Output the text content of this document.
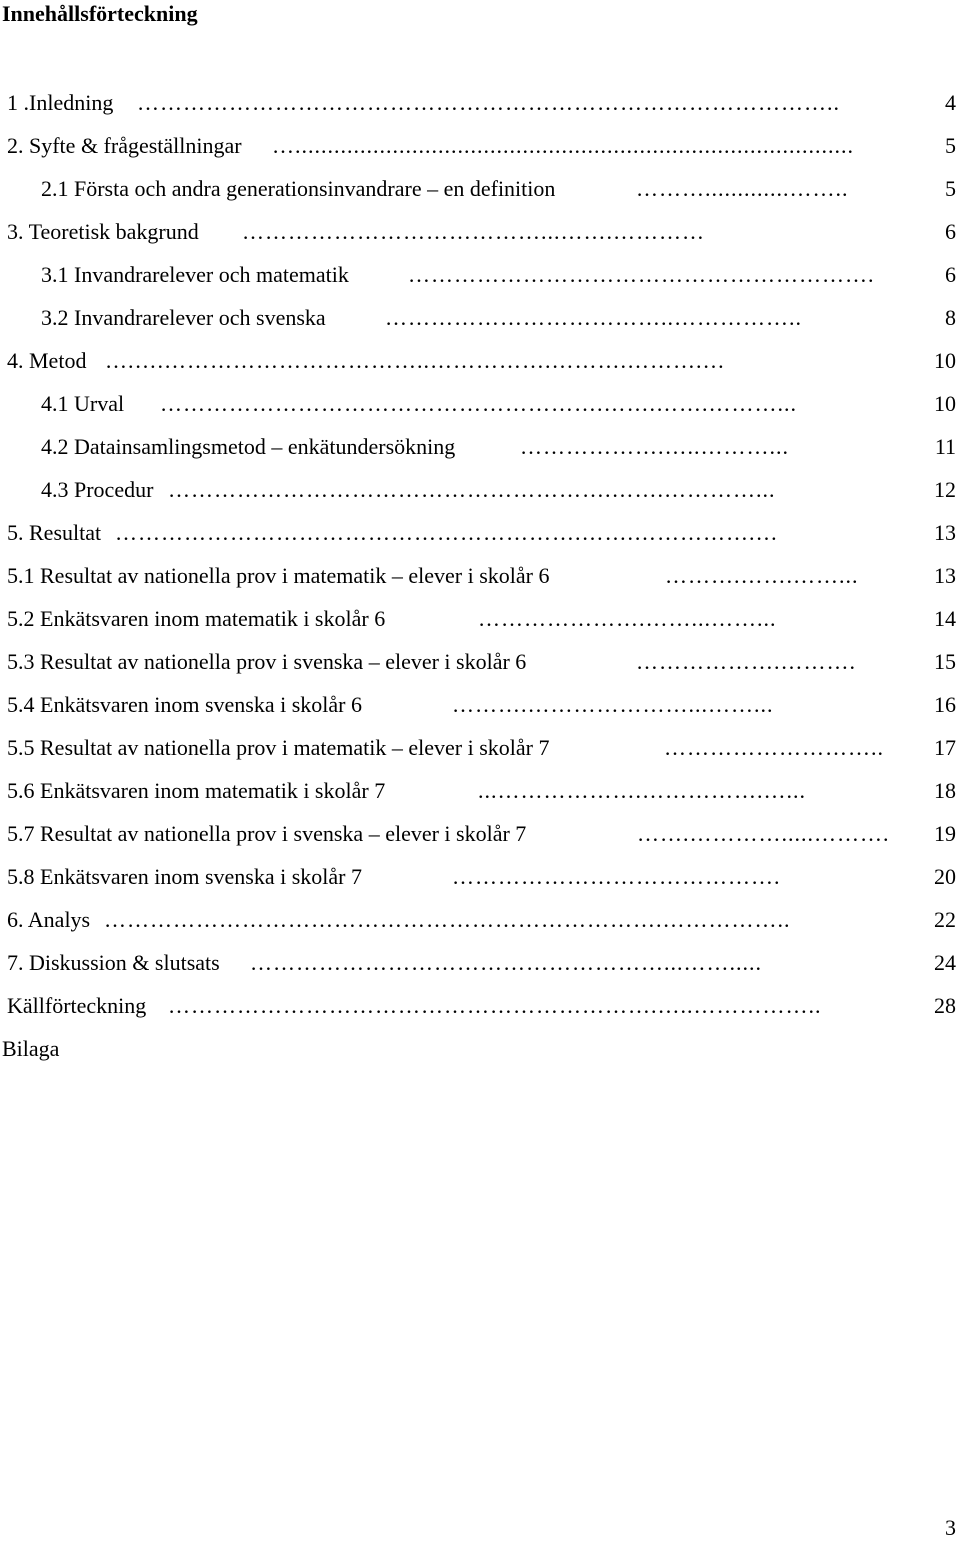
Innehållsförteckning
1 .Inledning ………………………………………………………………………………..	4
2. Syfte & frågeställningar …......................................................................................	5
2.1 Första och andra generationsinvandrare – en definition	……….............……..	5
3. Teoretisk bakgrund …………………………………...…….…………	6
3.1 Invandrarelever och matematik	…………………………………………………….	6
3.2 Invandrarelever och svenska	………………………………..……………..	8
4. Metod ….….……………………………..…………….……….……….…	10
4.1 Urval ………………………………………………….…….…….………...	10
4.2 Datainsamlingsmetod – enkätundersökning	……………….…..………...	11
4.3 Procedur ………………………………………………….…….…………...	12
5. Resultat …………………………………………………….…….…………….…	13
5.1 Resultat av nationella prov i matematik – elever i skolår 6	……….…….……...	13
5.2 Enkätsvaren inom matematik i skolår 6	………………….……...……...	14
5.3 Resultat av nationella prov i svenska – elever i skolår 6	……………….……….	15
5.4 Enkätsvaren inom svenska i skolår 6	……….…………………...……...	16
5.5 Resultat av nationella prov i matematik – elever i skolår 7	………………………..	17
5.6 Enkätsvaren inom matematik i skolår 7	...……………….…………….…...	18
5.7 Resultat av nationella prov i svenska – elever i skolår 7	…….………….....……….	19
5.8 Enkätsvaren inom svenska i skolår 7	…………………………………….	20
6. Analys ……………………………………………………………….……………..	22
7. Diskussion & slutsats ………………………………………………...…….....	24
Källförteckning ……………………………………………………….…..……………..	28
Bilaga
3
